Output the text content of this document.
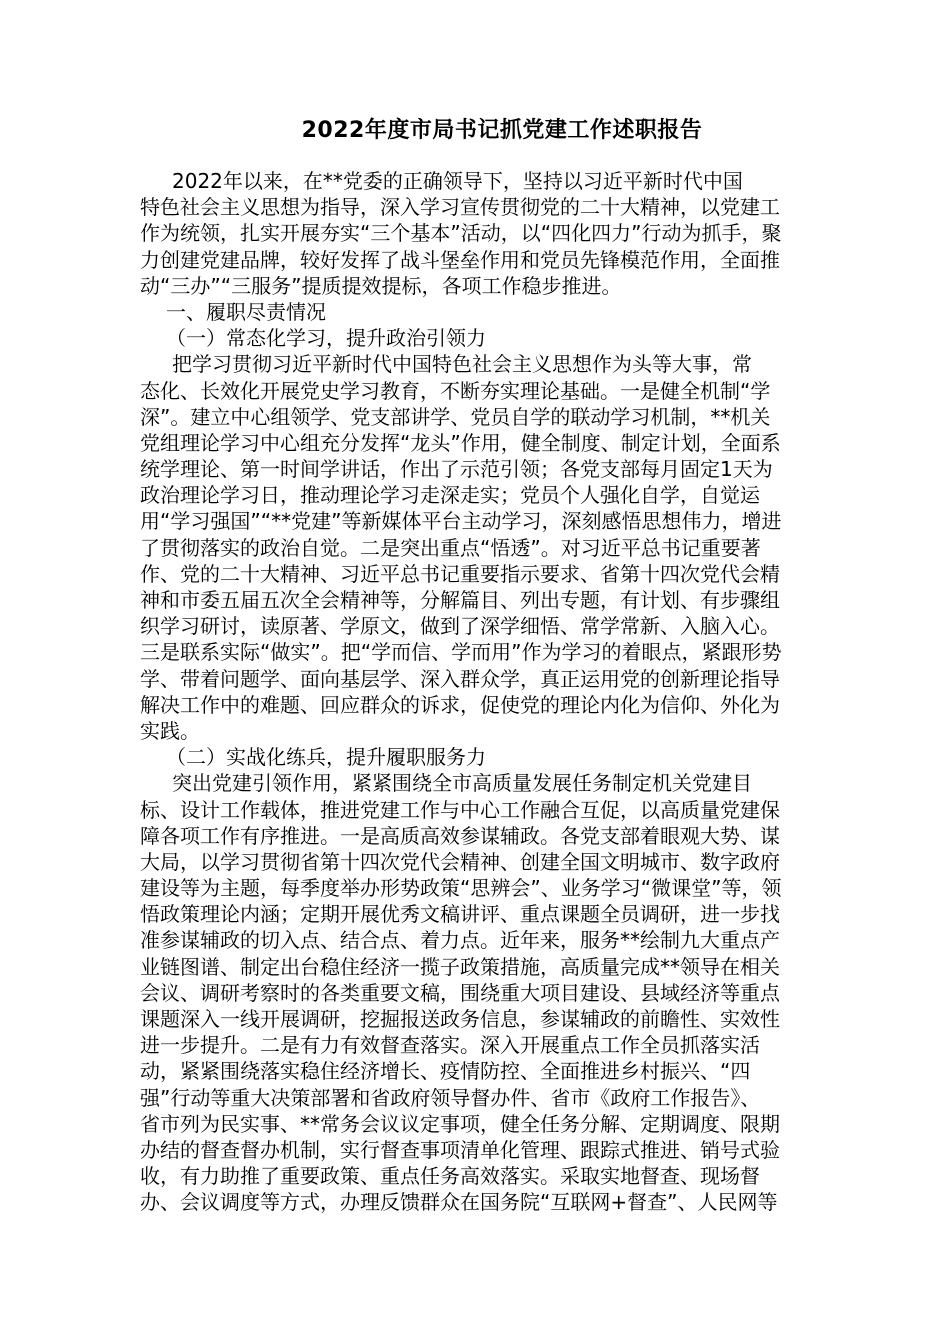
2022年度市局书记抓党建工作述职报告
2022年以来，在**党委的正确领导下，坚持以习近平新时代中国
特色社会主义思想为指导，深入学习宣传贯彻党的二十大精神，以党建工
作为统领，扎实开展夯实“三个基本”活动，以“四化四力”行动为抓手，聚
力创建党建品牌，较好发挥了战斗堡垒作用和党员先锋模范作用，全面推
动“三办”“三服务”提质提效提标，各项工作稳步推进。
一、履职尽责情况
（一）常态化学习，提升政治引领力
把学习贯彻习近平新时代中国特色社会主义思想作为头等大事，常
态化、长效化开展党史学习教育，不断夯实理论基础。一是健全机制“学
深”。建立中心组领学、党支部讲学、党员自学的联动学习机制，**机关
党组理论学习中心组充分发挥“龙头”作用，健全制度、制定计划，全面系
统学理论、第一时间学讲话，作出了示范引领；各党支部每月固定1天为
政治理论学习日，推动理论学习走深走实；党员个人强化自学，自觉运
用“学习强国”“**党建”等新媒体平台主动学习，深刻感悟思想伟力，增进
了贯彻落实的政治自觉。二是突出重点“悟透”。对习近平总书记重要著
作、党的二十大精神、习近平总书记重要指示要求、省第十四次党代会精
神和市委五届五次全会精神等，分解篇目、列出专题，有计划、有步骤组
织学习研讨，读原著、学原文，做到了深学细悟、常学常新、入脑入心。
三是联系实际“做实”。把“学而信、学而用”作为学习的着眼点，紧跟形势
学、带着问题学、面向基层学、深入群众学，真正运用党的创新理论指导
解决工作中的难题、回应群众的诉求，促使党的理论内化为信仰、外化为
实践。
（二）实战化练兵，提升履职服务力
突出党建引领作用，紧紧围绕全市高质量发展任务制定机关党建目
标、设计工作载体，推进党建工作与中心工作融合互促，以高质量党建保
障各项工作有序推进。一是高质高效参谋辅政。各党支部着眼观大势、谋
大局，以学习贯彻省第十四次党代会精神、创建全国文明城市、数字政府
建设等为主题，每季度举办形势政策“思辨会”、业务学习“微课堂”等，领
悟政策理论内涵；定期开展优秀文稿讲评、重点课题全员调研，进一步找
准参谋辅政的切入点、结合点、着力点。近年来，服务**绘制九大重点产
业链图谱、制定出台稳住经济一揽子政策措施，高质量完成**领导在相关
会议、调研考察时的各类重要文稿，围绕重大项目建设、县域经济等重点
课题深入一线开展调研，挖掘报送政务信息，参谋辅政的前瞻性、实效性
进一步提升。二是有力有效督查落实。深入开展重点工作全员抓落实活
动，紧紧围绕落实稳住经济增长、疫情防控、全面推进乡村振兴、“四
强”行动等重大决策部署和省政府领导督办件、省市《政府工作报告》、
省市列为民实事、**常务会议议定事项，健全任务分解、定期调度、限期
办结的督查督办机制，实行督查事项清单化管理、跟踪式推进、销号式验
收，有力助推了重要政策、重点任务高效落实。采取实地督查、现场督
办、会议调度等方式，办理反馈群众在国务院“互联网+督查”、人民网等
